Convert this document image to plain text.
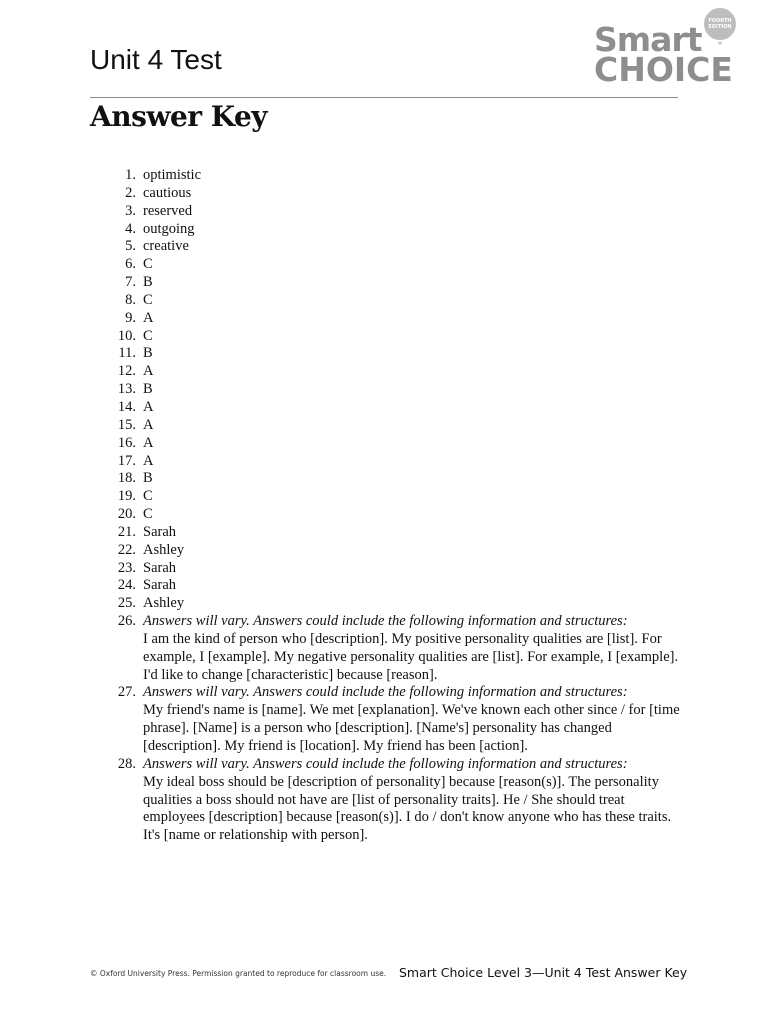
Unit 4 Test
Smart
CHOICE
FOURTH
EDITION
Answer Key
1. optimistic
2. cautious
3. reserved
4. outgoing
5. creative
6. C
7. B
8. C
9. A
10. C
11. B
12. A
13. B
14. A
15. A
16. A
17. A
18. B
19. C
20. C
21. Sarah
22. Ashley
23. Sarah
24. Sarah
25. Ashley
26. Answers will vary. Answers could include the following information and structures:
I am the kind of person who [description]. My positive personality qualities are [list]. For example, I [example]. My negative personality qualities are [list]. For example, I [example]. I'd like to change [characteristic] because [reason].
27. Answers will vary. Answers could include the following information and structures:
My friend's name is [name]. We met [explanation]. We've known each other since / for [time phrase]. [Name] is a person who [description]. [Name's] personality has changed [description]. My friend is [location]. My friend has been [action].
28. Answers will vary. Answers could include the following information and structures:
My ideal boss should be [description of personality] because [reason(s)]. The personality qualities a boss should not have are [list of personality traits]. He / She should treat employees [description] because [reason(s)]. I do / don't know anyone who has these traits. It's [name or relationship with person].
© Oxford University Press. Permission granted to reproduce for classroom use. Smart Choice Level 3—Unit 4 Test Answer Key
